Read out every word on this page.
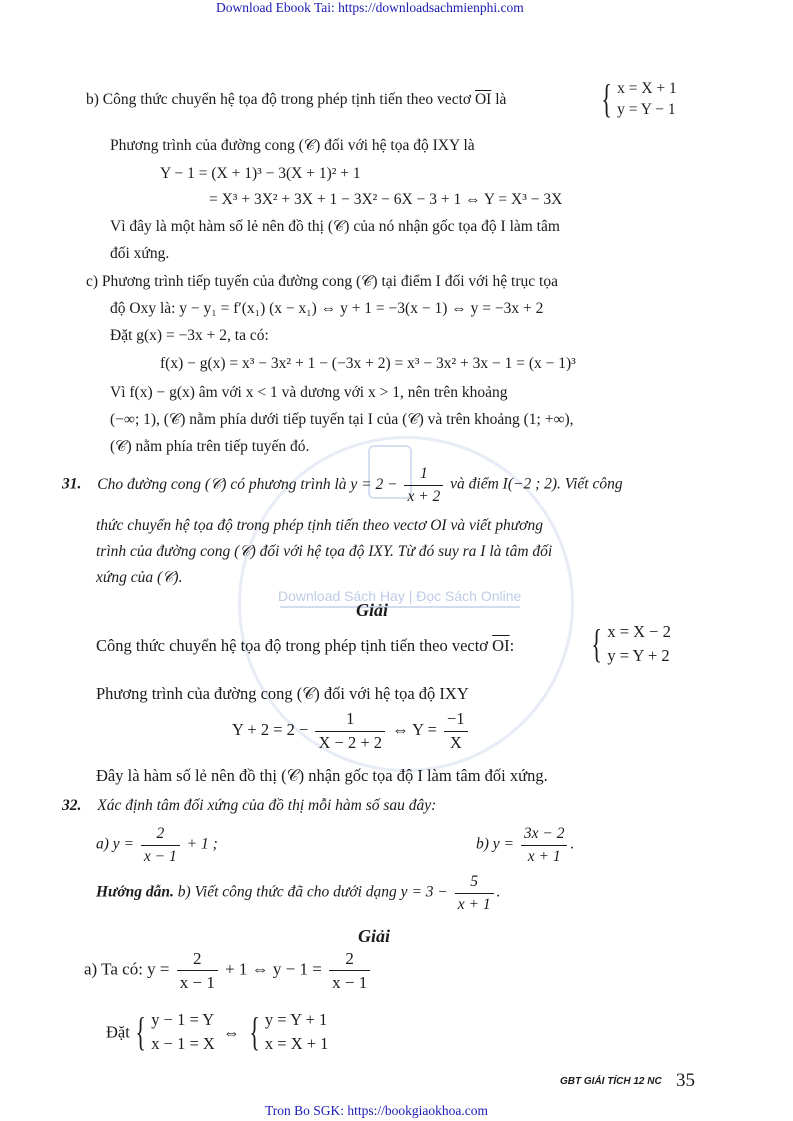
Download Sách Hay | Đọc Sách Online
Download Ebook Tai: https://downloadsachmienphi.com
b) Công thức chuyển hệ tọa độ trong phép tịnh tiến theo vectơ $\overline{OI}$ là { x = X + 1
y = Y − 1
Phương trình của đường cong (𝒞) đối với hệ tọa độ IXY là
Y − 1 = (X + 1)³ − 3(X + 1)² + 1
= X³ + 3X² + 3X + 1 − 3X² − 6X − 3 + 1 ⇔ Y = X³ − 3X
Vì đây là một hàm số lẻ nên đồ thị (𝒞) của nó nhận gốc tọa độ I làm tâm
đối xứng.
c) Phương trình tiếp tuyến của đường cong (𝒞) tại điểm I đối với hệ trục tọa
độ Oxy là: y − y₁ = f′(x₁) (x − x₁) ⇔ y + 1 = −3(x − 1) ⇔ y = −3x + 2
Đặt g(x) = −3x + 2, ta có:
f(x) − g(x) = x³ − 3x² + 1 − (−3x + 2) = x³ − 3x² + 3x − 1 = (x − 1)³
Vì f(x) − g(x) âm với x < 1 và dương với x > 1, nên trên khoảng
(−∞; 1), (𝒞) nằm phía dưới tiếp tuyến tại I của (𝒞) và trên khoảng (1; +∞),
(𝒞) nằm phía trên tiếp tuyến đó.
31. Cho đường cong (𝒞) có phương trình là $y = 2 - \frac{1}{x + 2}$ và điểm I(−2 ; 2). Viết công
thức chuyển hệ tọa độ trong phép tịnh tiến theo vectơ OI và viết phương
trình của đường cong (𝒞) đối với hệ tọa độ IXY. Từ đó suy ra I là tâm đối
xứng của (𝒞).
Giải
Công thức chuyển hệ tọa độ trong phép tịnh tiến theo vectơ $\overline{OI}$: { x = X − 2
y = Y + 2
Phương trình của đường cong (𝒞) đối với hệ tọa độ IXY
$Y + 2 = 2 - \frac{1}{X - 2 + 2}$ ⇔ $Y = \frac{-1}{X}$
Đây là hàm số lẻ nên đồ thị (𝒞) nhận gốc tọa độ I làm tâm đối xứng.
32. Xác định tâm đối xứng của đồ thị mỗi hàm số sau đây:
a) $y = \frac{2}{x - 1} + 1$ ;	b) $y = \frac{3x - 2}{x + 1}$ .
Hướng dẫn. b) Viết công thức đã cho dưới dạng $y = 3 - \frac{5}{x + 1}$ .
Giải
a) Ta có: $y = \frac{2}{x - 1} + 1$ ⇔ $y - 1 = \frac{2}{x - 1}$
Đặt { y − 1 = Y
x − 1 = X
⇔ { y = Y + 1
x = X + 1
GBT GIẢI TÍCH 12 NC 35
Tron Bo SGK: https://bookgiaokhoa.com
